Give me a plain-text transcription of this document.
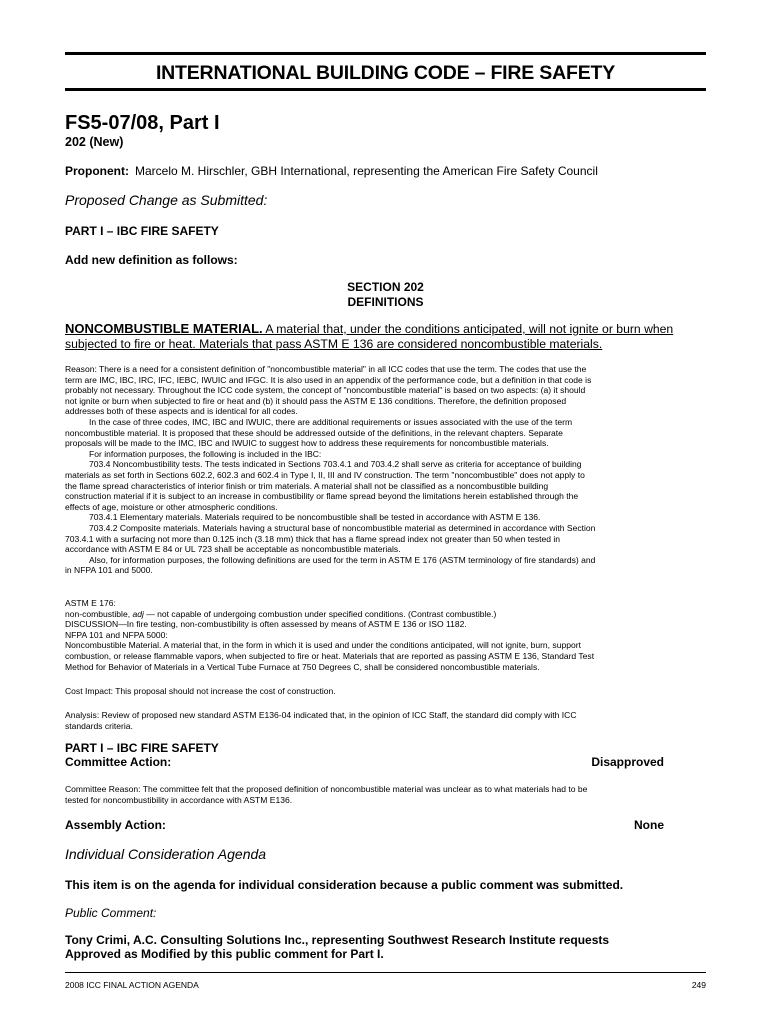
INTERNATIONAL BUILDING CODE – FIRE SAFETY
FS5-07/08, Part I
202 (New)
Proponent: Marcelo M. Hirschler, GBH International, representing the American Fire Safety Council
Proposed Change as Submitted:
PART I – IBC FIRE SAFETY
Add new definition as follows:
SECTION 202
DEFINITIONS
NONCOMBUSTIBLE MATERIAL. A material that, under the conditions anticipated, will not ignite or burn when
subjected to fire or heat. Materials that pass ASTM E 136 are considered noncombustible materials.

Reason: There is a need for a consistent definition of "noncombustible material" in all ICC codes that use the term. The codes that use the

term are IMC, IBC, IRC, IFC, IEBC, IWUIC and IFGC. It is also used in an appendix of the performance code, but a definition in that code is

probably not necessary. Throughout the ICC code system, the concept of "noncombustible material" is based on two aspects: (a) it should

not ignite or burn when subjected to fire or heat and (b) it should pass the ASTM E 136 conditions. Therefore, the definition proposed

addresses both of these aspects and is identical for all codes.

In the case of three codes, IMC, IBC and IWUIC, there are additional requirements or issues associated with the use of the term

noncombustible material. It is proposed that these should be addressed outside of the definitions, in the relevant chapters. Separate

proposals will be made to the IMC, IBC and IWUIC to suggest how to address these requirements for noncombustible materials.

For information purposes, the following is included in the IBC:

703.4 Noncombustibility tests. The tests indicated in Sections 703.4.1 and 703.4.2 shall serve as criteria for acceptance of building

materials as set forth in Sections 602.2, 602.3 and 602.4 in Type I, II, III and IV construction. The term "noncombustible" does not apply to

the flame spread characteristics of interior finish or trim materials. A material shall not be classified as a noncombustible building

construction material if it is subject to an increase in combustibility or flame spread beyond the limitations herein established through the

effects of age, moisture or other atmospheric conditions.

703.4.1 Elementary materials. Materials required to be noncombustible shall be tested in accordance with ASTM E 136.

703.4.2 Composite materials. Materials having a structural base of noncombustible material as determined in accordance with Section

703.4.1 with a surfacing not more than 0.125 inch (3.18 mm) thick that has a flame spread index not greater than 50 when tested in

accordance with ASTM E 84 or UL 723 shall be acceptable as noncombustible materials.

Also, for information purposes, the following definitions are used for the term in ASTM E 176 (ASTM terminology of fire standards) and

in NFPA 101 and 5000.

ASTM E 176:

non-combustible, adj — not capable of undergoing combustion under specified conditions. (Contrast combustible.)

DISCUSSION—In fire testing, non-combustibility is often assessed by means of ASTM E 136 or ISO 1182.

NFPA 101 and NFPA 5000:

Noncombustible Material. A material that, in the form in which it is used and under the conditions anticipated, will not ignite, burn, support

combustion, or release flammable vapors, when subjected to fire or heat. Materials that are reported as passing ASTM E 136, Standard Test

Method for Behavior of Materials in a Vertical Tube Furnace at 750 Degrees C, shall be considered noncombustible materials.

Cost Impact: This proposal should not increase the cost of construction.

Analysis: Review of proposed new standard ASTM E136-04 indicated that, in the opinion of ICC Staff, the standard did comply with ICC

standards criteria.

PART I – IBC FIRE SAFETY
Committee Action:	Disapproved

Committee Reason: The committee felt that the proposed definition of noncombustible material was unclear as to what materials had to be

tested for noncombustibility in accordance with ASTM E136.

Assembly Action:	None
Individual Consideration Agenda
This item is on the agenda for individual consideration because a public comment was submitted.
Public Comment:
Tony Crimi, A.C. Consulting Solutions Inc., representing Southwest Research Institute requests
Approved as Modified by this public comment for Part I.
2008 ICC FINAL ACTION AGENDA	249
